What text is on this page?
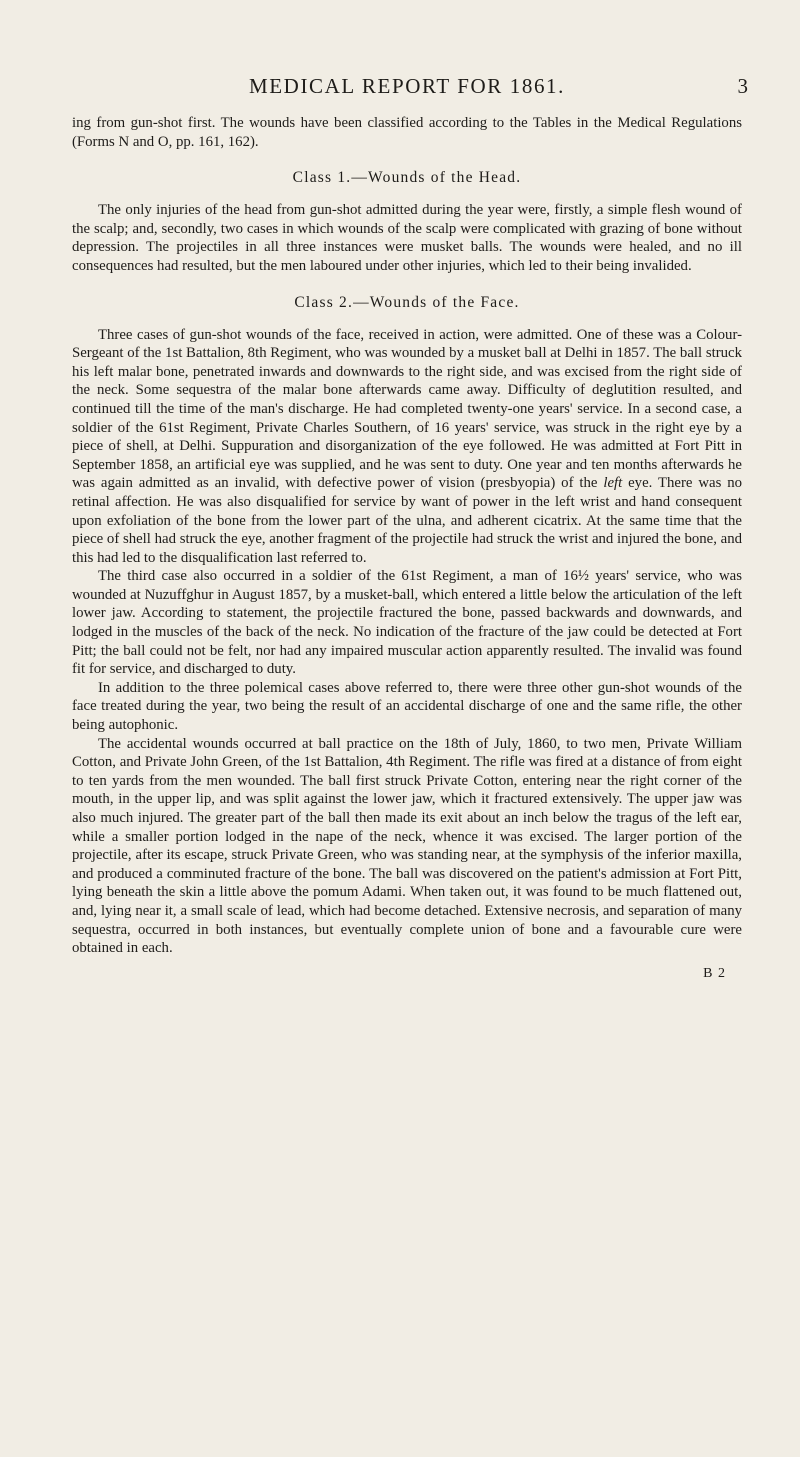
MEDICAL REPORT FOR 1861.	3

ing from gun-shot first. The wounds have been classified according to the Tables in the Medical Regulations (Forms N and O, pp. 161, 162).

Class 1.—Wounds of the Head.

The only injuries of the head from gun-shot admitted during the year were, firstly, a simple flesh wound of the scalp; and, secondly, two cases in which wounds of the scalp were complicated with grazing of bone without depression. The projectiles in all three instances were musket balls. The wounds were healed, and no ill consequences had resulted, but the men laboured under other injuries, which led to their being invalided.

Class 2.—Wounds of the Face.

Three cases of gun-shot wounds of the face, received in action, were admitted. One of these was a Colour-Sergeant of the 1st Battalion, 8th Regiment, who was wounded by a musket ball at Delhi in 1857. The ball struck his left malar bone, penetrated inwards and downwards to the right side, and was excised from the right side of the neck. Some sequestra of the malar bone afterwards came away. Difficulty of deglutition resulted, and continued till the time of the man's discharge. He had completed twenty-one years' service. In a second case, a soldier of the 61st Regiment, Private Charles Southern, of 16 years' service, was struck in the right eye by a piece of shell, at Delhi. Suppuration and disorganization of the eye followed. He was admitted at Fort Pitt in September 1858, an artificial eye was supplied, and he was sent to duty. One year and ten months afterwards he was again admitted as an invalid, with defective power of vision (presbyopia) of the left eye. There was no retinal affection. He was also disqualified for service by want of power in the left wrist and hand consequent upon exfoliation of the bone from the lower part of the ulna, and adherent cicatrix. At the same time that the piece of shell had struck the eye, another fragment of the projectile had struck the wrist and injured the bone, and this had led to the disqualification last referred to.

The third case also occurred in a soldier of the 61st Regiment, a man of 16½ years' service, who was wounded at Nuzuffghur in August 1857, by a musket-ball, which entered a little below the articulation of the left lower jaw. According to statement, the projectile fractured the bone, passed backwards and downwards, and lodged in the muscles of the back of the neck. No indication of the fracture of the jaw could be detected at Fort Pitt; the ball could not be felt, nor had any impaired muscular action apparently resulted. The invalid was found fit for service, and discharged to duty.

In addition to the three polemical cases above referred to, there were three other gun-shot wounds of the face treated during the year, two being the result of an accidental discharge of one and the same rifle, the other being autophonic.

The accidental wounds occurred at ball practice on the 18th of July, 1860, to two men, Private William Cotton, and Private John Green, of the 1st Battalion, 4th Regiment. The rifle was fired at a distance of from eight to ten yards from the men wounded. The ball first struck Private Cotton, entering near the right corner of the mouth, in the upper lip, and was split against the lower jaw, which it fractured extensively. The upper jaw was also much injured. The greater part of the ball then made its exit about an inch below the tragus of the left ear, while a smaller portion lodged in the nape of the neck, whence it was excised. The larger portion of the projectile, after its escape, struck Private Green, who was standing near, at the symphysis of the inferior maxilla, and produced a comminuted fracture of the bone. The ball was discovered on the patient's admission at Fort Pitt, lying beneath the skin a little above the pomum Adami. When taken out, it was found to be much flattened out, and, lying near it, a small scale of lead, which had become detached. Extensive necrosis, and separation of many sequestra, occurred in both instances, but eventually complete union of bone and a favourable cure were obtained in each.

B 2
